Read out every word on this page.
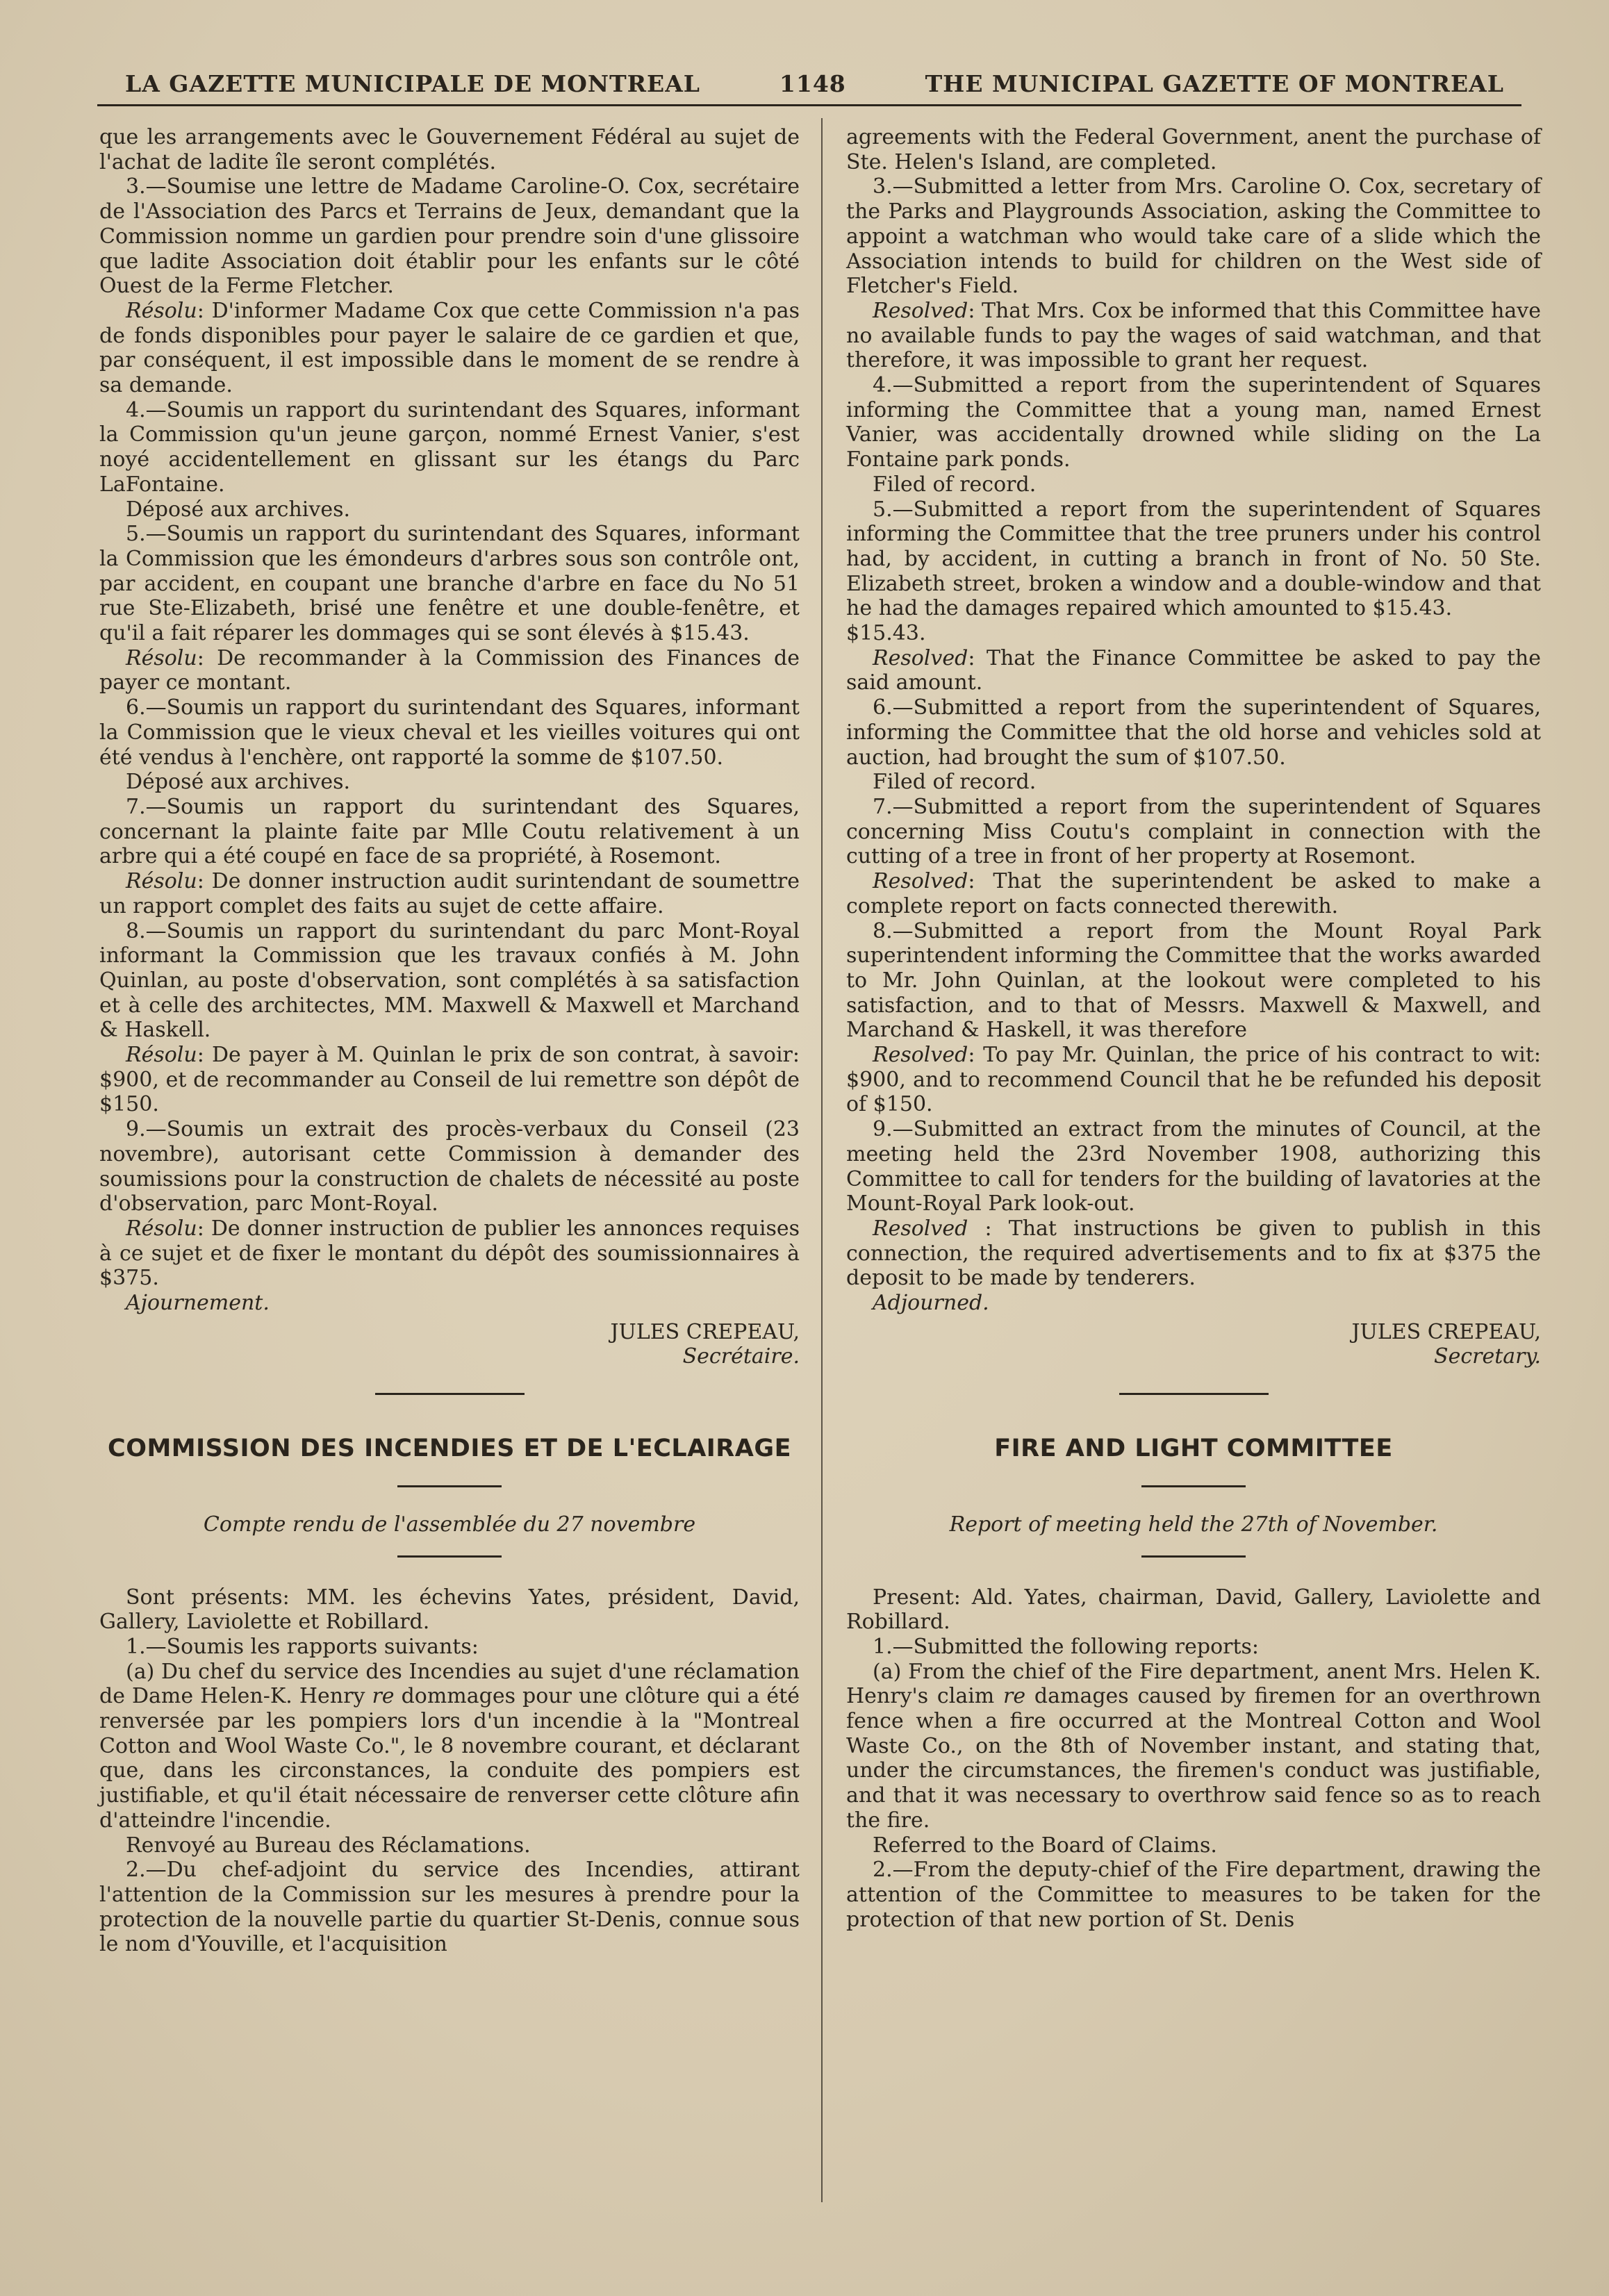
LA GAZETTE MUNICIPALE DE MONTREAL	1148	THE MUNICIPAL GAZETTE OF MONTREAL

que les arrangements avec le Gouvernement Fédéral au sujet de l'achat de ladite île seront complétés.

3.—Soumise une lettre de Madame Caroline-O. Cox, secrétaire de l'Association des Parcs et Terrains de Jeux, demandant que la Commission nomme un gardien pour prendre soin d'une glissoire que ladite Association doit établir pour les enfants sur le côté Ouest de la Ferme Fletcher.

Résolu: D'informer Madame Cox que cette Commission n'a pas de fonds disponibles pour payer le salaire de ce gardien et que, par conséquent, il est impossible dans le moment de se rendre à sa demande.

4.—Soumis un rapport du surintendant des Squares, informant la Commission qu'un jeune garçon, nommé Ernest Vanier, s'est noyé accidentellement en glissant sur les étangs du Parc LaFontaine.

Déposé aux archives.

5.—Soumis un rapport du surintendant des Squares, informant la Commission que les émondeurs d'arbres sous son contrôle ont, par accident, en coupant une branche d'arbre en face du No 51 rue Ste-Elizabeth, brisé une fenêtre et une double-fenêtre, et qu'il a fait réparer les dommages qui se sont élevés à $15.43.

Résolu: De recommander à la Commission des Finances de payer ce montant.

6.—Soumis un rapport du surintendant des Squares, informant la Commission que le vieux cheval et les vieilles voitures qui ont été vendus à l'enchère, ont rapporté la somme de $107.50.

Déposé aux archives.

7.—Soumis un rapport du surintendant des Squares, concernant la plainte faite par Mlle Coutu relativement à un arbre qui a été coupé en face de sa propriété, à Rosemont.

Résolu: De donner instruction audit surintendant de soumettre un rapport complet des faits au sujet de cette affaire.

8.—Soumis un rapport du surintendant du parc Mont-Royal informant la Commission que les travaux confiés à M. John Quinlan, au poste d'observation, sont complétés à sa satisfaction et à celle des architectes, MM. Maxwell & Maxwell et Marchand & Haskell.

Résolu: De payer à M. Quinlan le prix de son contrat, à savoir: $900, et de recommander au Conseil de lui remettre son dépôt de $150.

9.—Soumis un extrait des procès-verbaux du Conseil (23 novembre), autorisant cette Commission à demander des soumissions pour la construction de chalets de nécessité au poste d'observation, parc Mont-Royal.

Résolu: De donner instruction de publier les annonces requises à ce sujet et de fixer le montant du dépôt des soumissionnaires à $375.

Ajournement.

JULES CREPEAU,
Secrétaire.

COMMISSION DES INCENDIES ET DE L'ECLAIRAGE

Compte rendu de l'assemblée du 27 novembre

Sont présents: MM. les échevins Yates, président, David, Gallery, Laviolette et Robillard.

1.—Soumis les rapports suivants:

(a) Du chef du service des Incendies au sujet d'une réclamation de Dame Helen-K. Henry re dommages pour une clôture qui a été renversée par les pompiers lors d'un incendie à la "Montreal Cotton and Wool Waste Co.", le 8 novembre courant, et déclarant que, dans les circonstances, la conduite des pompiers est justifiable, et qu'il était nécessaire de renverser cette clôture afin d'atteindre l'incendie.

Renvoyé au Bureau des Réclamations.

2.—Du chef-adjoint du service des Incendies, attirant l'attention de la Commission sur les mesures à prendre pour la protection de la nouvelle partie du quartier St-Denis, connue sous le nom d'Youville, et l'acquisition

agreements with the Federal Government, anent the purchase of Ste. Helen's Island, are completed.

3.—Submitted a letter from Mrs. Caroline O. Cox, secretary of the Parks and Playgrounds Association, asking the Committee to appoint a watchman who would take care of a slide which the Association intends to build for children on the West side of Fletcher's Field.

Resolved: That Mrs. Cox be informed that this Committee have no available funds to pay the wages of said watchman, and that therefore, it was impossible to grant her request.

4.—Submitted a report from the superintendent of Squares informing the Committee that a young man, named Ernest Vanier, was accidentally drowned while sliding on the La Fontaine park ponds.

Filed of record.

5.—Submitted a report from the superintendent of Squares informing the Committee that the tree pruners under his control had, by accident, in cutting a branch in front of No. 50 Ste. Elizabeth street, broken a window and a double-window and that he had the damages repaired which amounted to $15.43.

$15.43.

Resolved: That the Finance Committee be asked to pay the said amount.

6.—Submitted a report from the superintendent of Squares, informing the Committee that the old horse and vehicles sold at auction, had brought the sum of $107.50.

Filed of record.

7.—Submitted a report from the superintendent of Squares concerning Miss Coutu's complaint in connection with the cutting of a tree in front of her property at Rosemont.

Resolved: That the superintendent be asked to make a complete report on facts connected therewith.

8.—Submitted a report from the Mount Royal Park superintendent informing the Committee that the works awarded to Mr. John Quinlan, at the lookout were completed to his satisfaction, and to that of Messrs. Maxwell & Maxwell, and Marchand & Haskell, it was therefore

Resolved: To pay Mr. Quinlan, the price of his contract to wit: $900, and to recommend Council that he be refunded his deposit of $150.

9.—Submitted an extract from the minutes of Council, at the meeting held the 23rd November 1908, authorizing this Committee to call for tenders for the building of lavatories at the Mount-Royal Park look-out.

Resolved : That instructions be given to publish in this connection, the required advertisements and to fix at $375 the deposit to be made by tenderers.

Adjourned.

JULES CREPEAU,
Secretary.

FIRE AND LIGHT COMMITTEE

Report of meeting held the 27th of November.

Present: Ald. Yates, chairman, David, Gallery, Laviolette and Robillard.

1.—Submitted the following reports:

(a) From the chief of the Fire department, anent Mrs. Helen K. Henry's claim re damages caused by firemen for an overthrown fence when a fire occurred at the Montreal Cotton and Wool Waste Co., on the 8th of November instant, and stating that, under the circumstances, the firemen's conduct was justifiable, and that it was necessary to overthrow said fence so as to reach the fire.

Referred to the Board of Claims.

2.—From the deputy-chief of the Fire department, drawing the attention of the Committee to measures to be taken for the protection of that new portion of St. Denis
